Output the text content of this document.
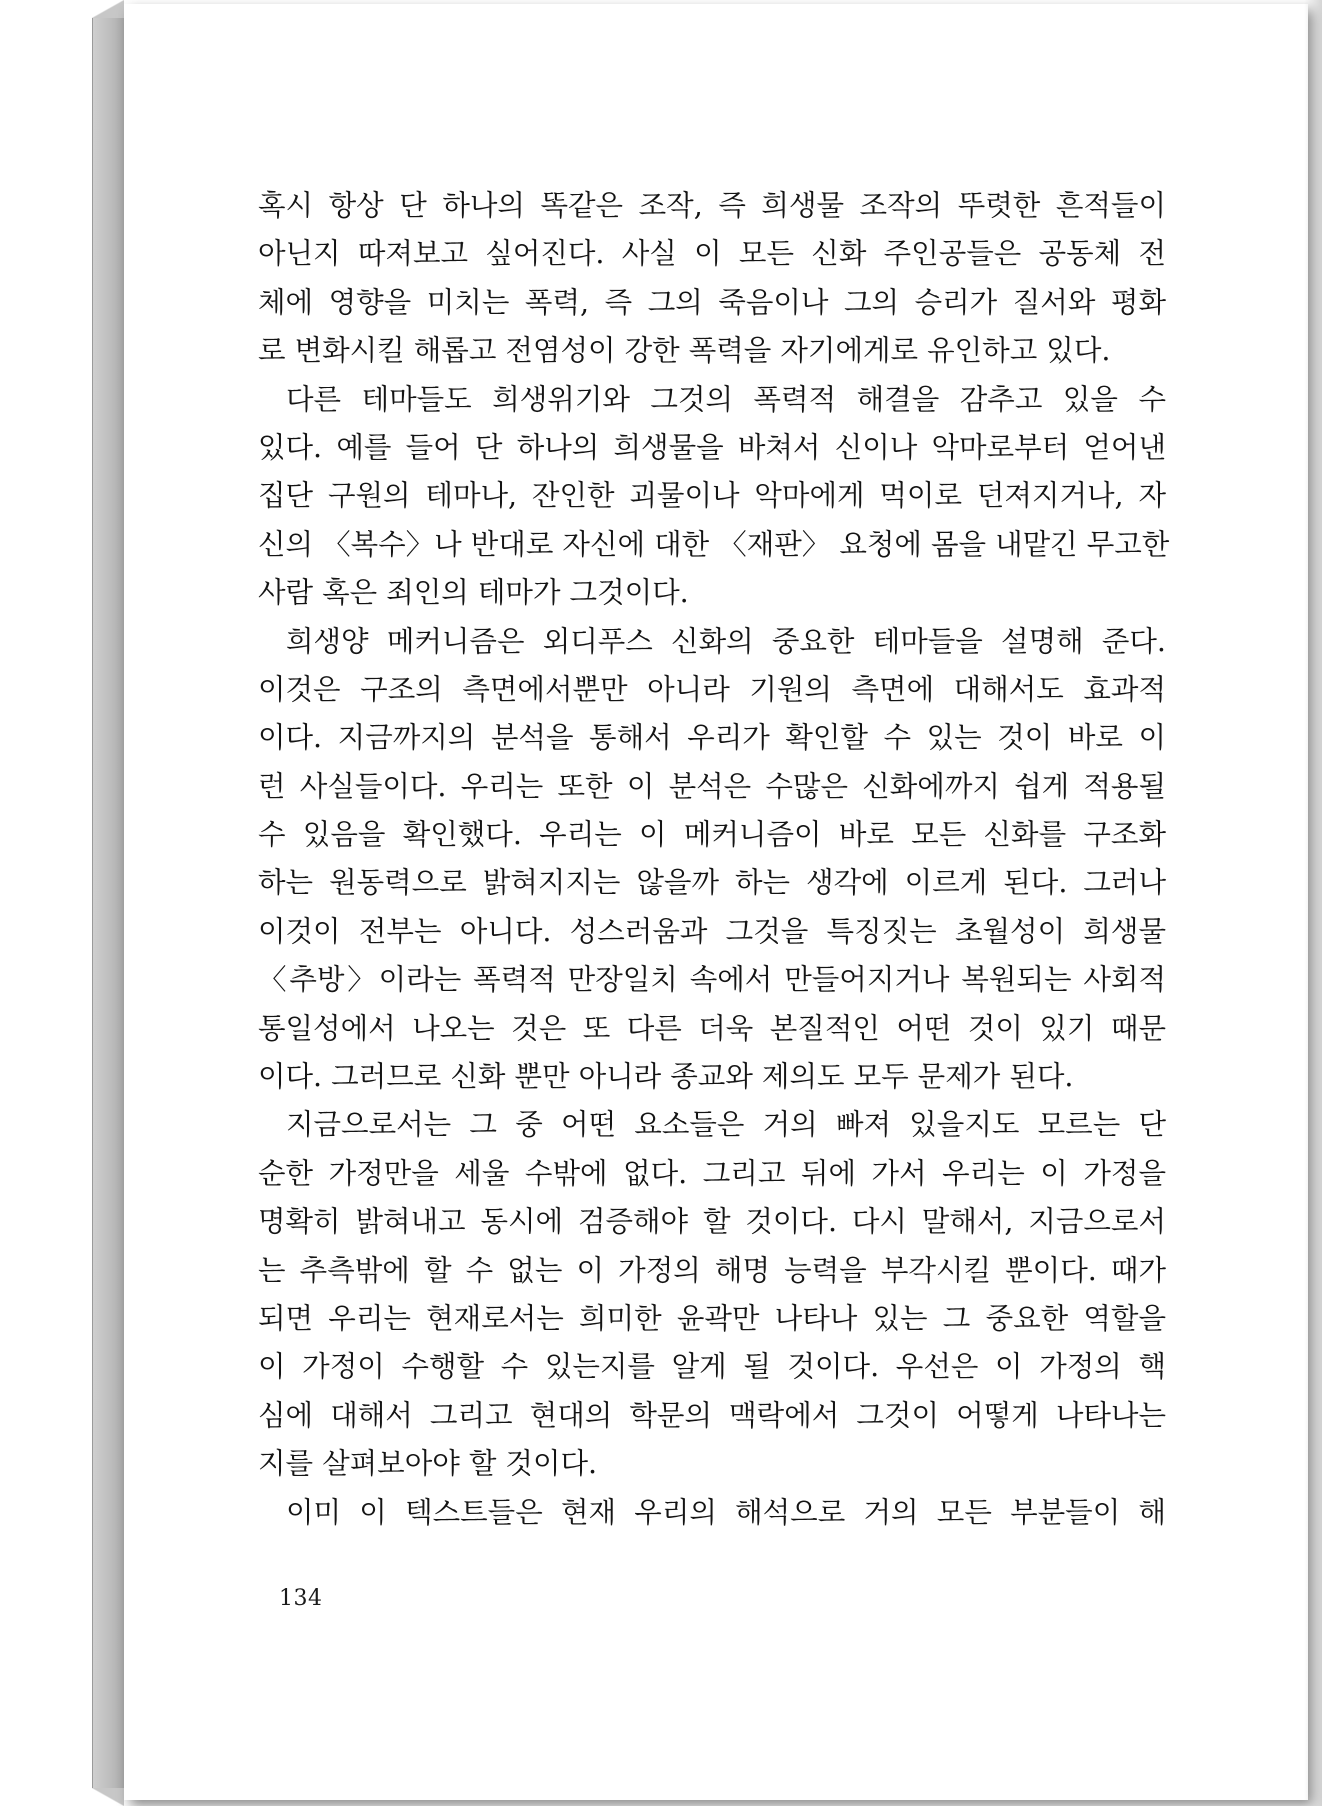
혹시 항상 단 하나의 똑같은 조작, 즉 희생물 조작의 뚜렷한 흔적들이
아닌지 따져보고 싶어진다. 사실 이 모든 신화 주인공들은 공동체 전
체에 영향을 미치는 폭력, 즉 그의 죽음이나 그의 승리가 질서와 평화
로 변화시킬 해롭고 전염성이 강한 폭력을 자기에게로 유인하고 있다.
다른 테마들도 희생위기와 그것의 폭력적 해결을 감추고 있을 수
있다. 예를 들어 단 하나의 희생물을 바쳐서 신이나 악마로부터 얻어낸
집단 구원의 테마나, 잔인한 괴물이나 악마에게 먹이로 던져지거나, 자
신의 〈복수〉나 반대로 자신에 대한 〈재판〉 요청에 몸을 내맡긴 무고한
사람 혹은 죄인의 테마가 그것이다.
희생양 메커니즘은 외디푸스 신화의 중요한 테마들을 설명해 준다.
이것은 구조의 측면에서뿐만 아니라 기원의 측면에 대해서도 효과적
이다. 지금까지의 분석을 통해서 우리가 확인할 수 있는 것이 바로 이
런 사실들이다. 우리는 또한 이 분석은 수많은 신화에까지 쉽게 적용될
수 있음을 확인했다. 우리는 이 메커니즘이 바로 모든 신화를 구조화
하는 원동력으로 밝혀지지는 않을까 하는 생각에 이르게 된다. 그러나
이것이 전부는 아니다. 성스러움과 그것을 특징짓는 초월성이 희생물
〈추방〉이라는 폭력적 만장일치 속에서 만들어지거나 복원되는 사회적
통일성에서 나오는 것은 또 다른 더욱 본질적인 어떤 것이 있기 때문
이다. 그러므로 신화 뿐만 아니라 종교와 제의도 모두 문제가 된다.
지금으로서는 그 중 어떤 요소들은 거의 빠져 있을지도 모르는 단
순한 가정만을 세울 수밖에 없다. 그리고 뒤에 가서 우리는 이 가정을
명확히 밝혀내고 동시에 검증해야 할 것이다. 다시 말해서, 지금으로서
는 추측밖에 할 수 없는 이 가정의 해명 능력을 부각시킬 뿐이다. 때가
되면 우리는 현재로서는 희미한 윤곽만 나타나 있는 그 중요한 역할을
이 가정이 수행할 수 있는지를 알게 될 것이다. 우선은 이 가정의 핵
심에 대해서 그리고 현대의 학문의 맥락에서 그것이 어떻게 나타나는
지를 살펴보아야 할 것이다.
이미 이 텍스트들은 현재 우리의 해석으로 거의 모든 부분들이 해
134
